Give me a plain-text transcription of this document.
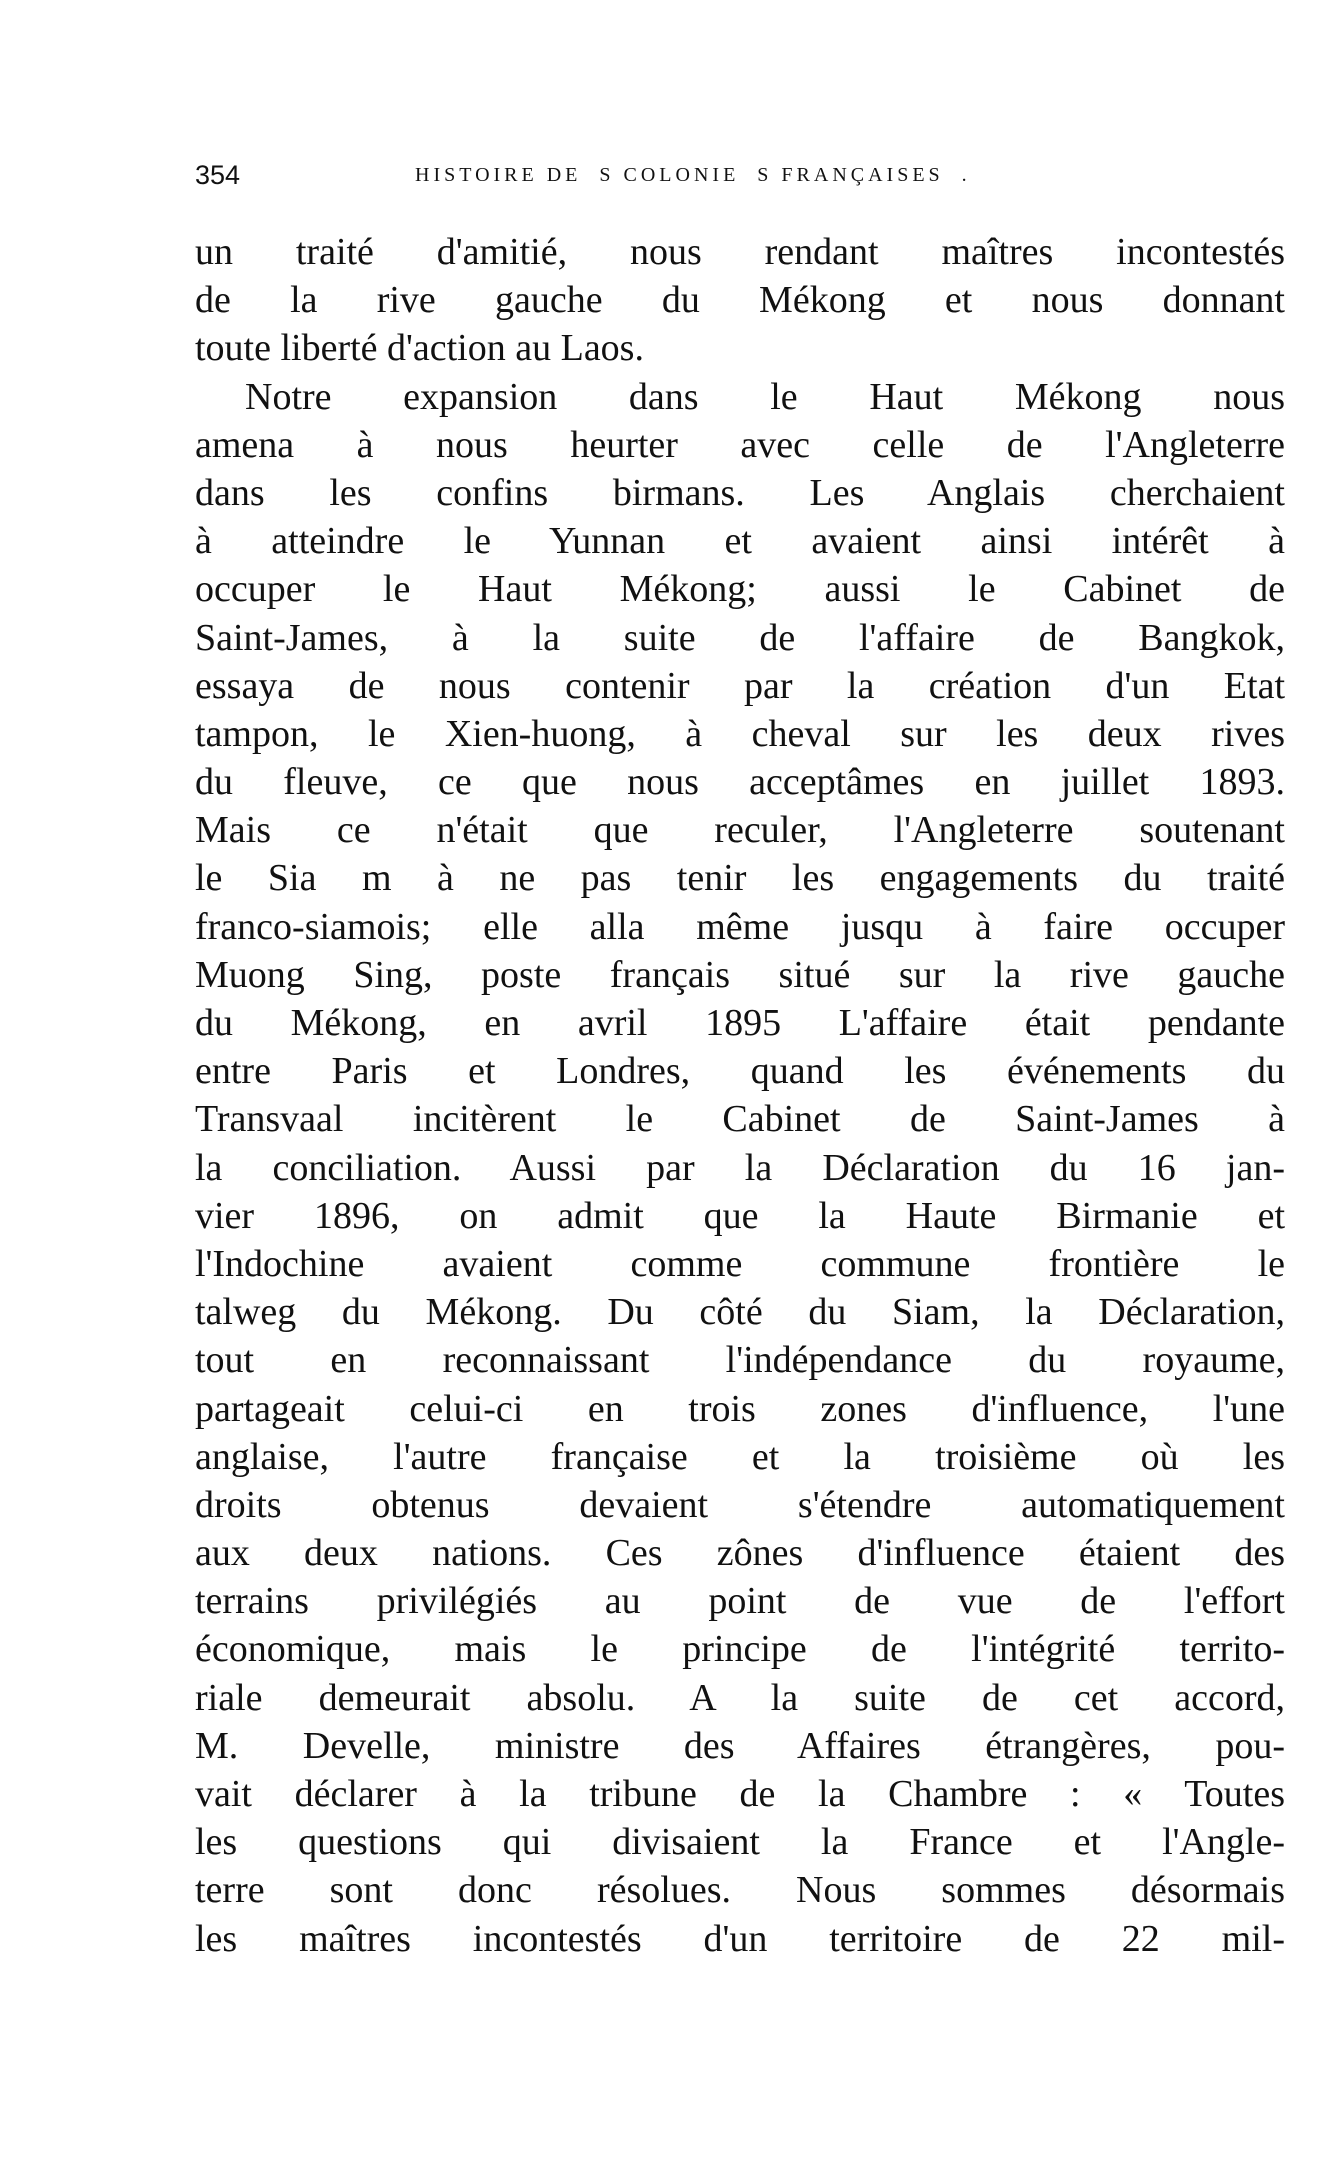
354	HISTOIRE DE  S COLONIE  S FRANÇAISES  .
un traité d'amitié, nous rendant maîtres incontestés
de la rive gauche du Mékong et nous donnant
toute liberté d'action au Laos.
Notre expansion dans le Haut Mékong nous
amena à nous heurter avec celle de l'Angleterre
dans les confins birmans. Les Anglais cherchaient
à atteindre le Yunnan et avaient ainsi intérêt à
occuper le Haut Mékong; aussi le Cabinet de
Saint-James, à la suite de l'affaire de Bangkok,
essaya de nous contenir par la création d'un Etat
tampon, le Xien-huong, à cheval sur les deux rives
du fleuve, ce que nous acceptâmes en juillet 1893.
Mais ce n'était que reculer, l'Angleterre soutenant
le Sia m à ne pas tenir les engagements du traité
franco-siamois; elle alla même jusqu à faire occuper
Muong Sing, poste français situé sur la rive gauche
du Mékong, en avril 1895 L'affaire était pendante
entre Paris et Londres, quand les événements du
Transvaal incitèrent le Cabinet de Saint-James à
la conciliation. Aussi par la Déclaration du 16 jan-
vier 1896, on admit que la Haute Birmanie et
l'Indochine avaient comme commune frontière le
talweg du Mékong. Du côté du Siam, la Déclaration,
tout en reconnaissant l'indépendance du royaume,
partageait celui-ci en trois zones d'influence, l'une
anglaise, l'autre française et la troisième où les
droits obtenus devaient s'étendre automatiquement
aux deux nations. Ces zônes d'influence étaient des
terrains privilégiés au point de vue de l'effort
économique, mais le principe de l'intégrité territo-
riale demeurait absolu. A la suite de cet accord,
M. Develle, ministre des Affaires étrangères, pou-
vait déclarer à la tribune de la Chambre : « Toutes
les questions qui divisaient la France et l'Angle-
terre sont donc résolues. Nous sommes désormais
les maîtres incontestés d'un territoire de 22 mil-
